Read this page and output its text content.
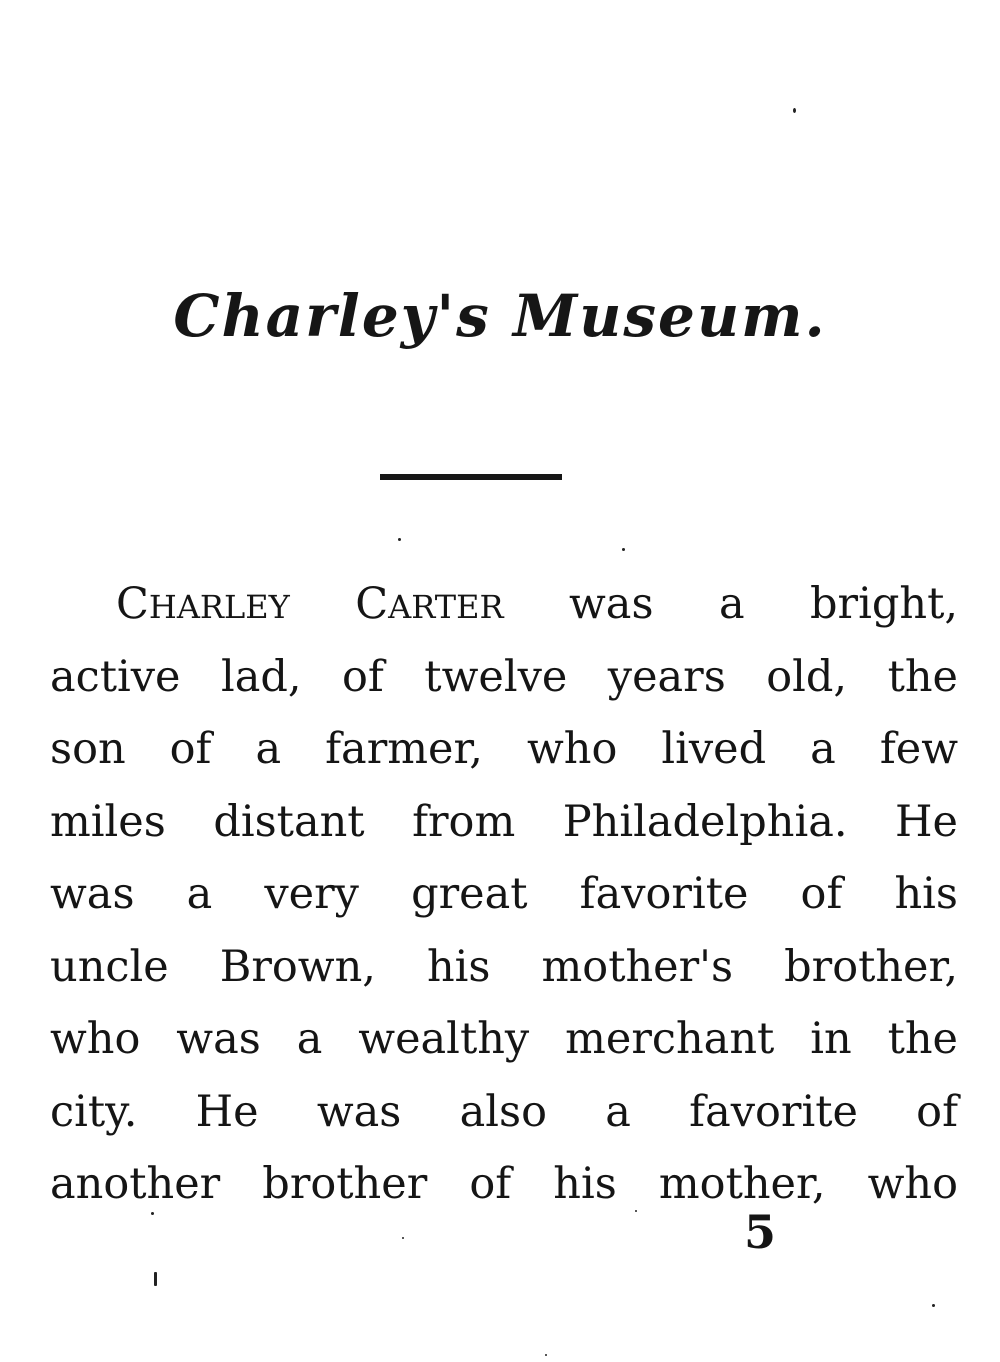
Charley's Museum.
CHARLEY CARTER was a bright,
active lad, of twelve years old, the
son of a farmer, who lived a few
miles distant from Philadelphia. He
was a very great favorite of his
uncle Brown, his mother's brother,
who was a wealthy merchant in the
city. He was also a favorite of
another brother of his mother, who
5
